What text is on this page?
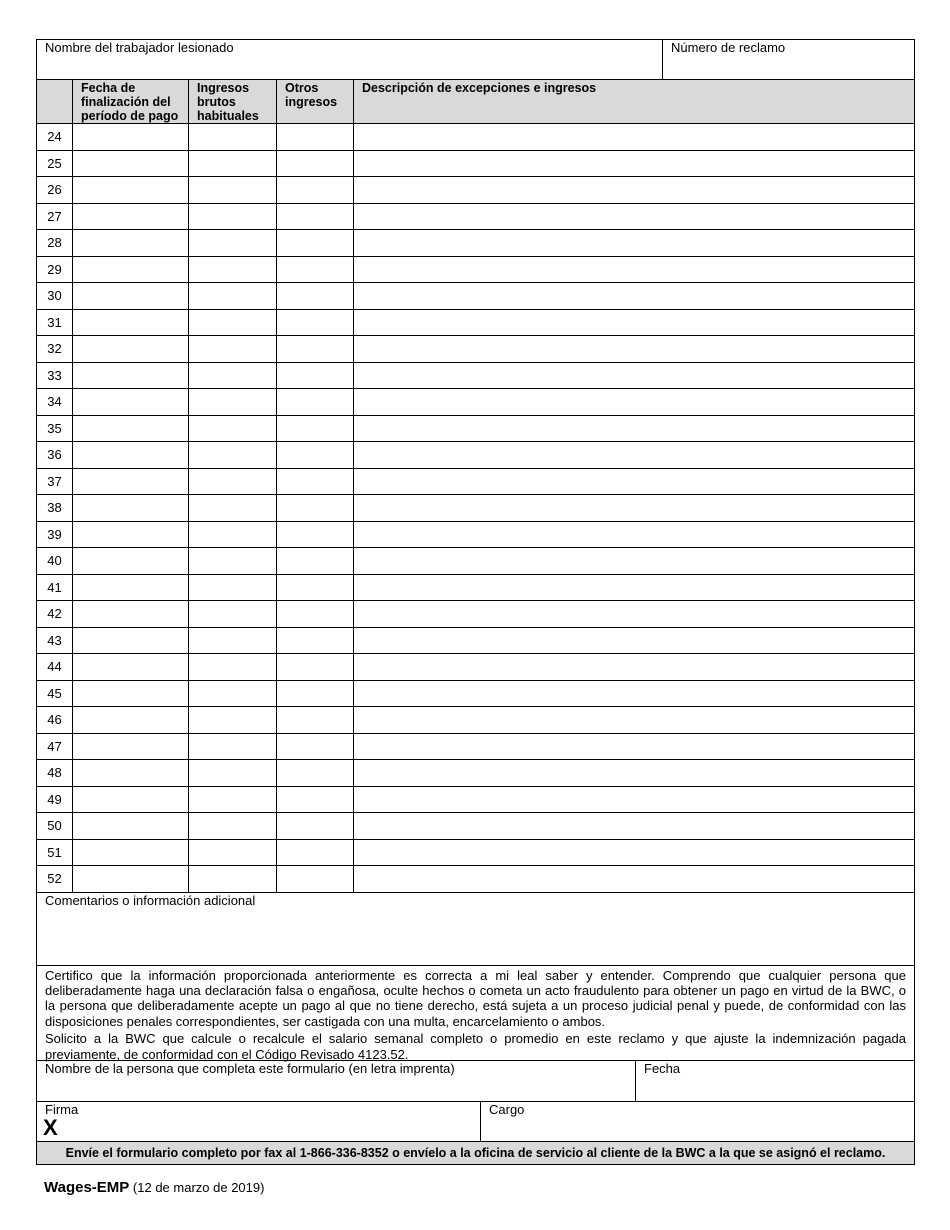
Nombre del trabajador lesionado	Número de reclamo
	Fecha de finalización del período de pago	Ingresos brutos habituales	Otros ingresos	Descripción de excepciones e ingresos
24				
25				
26				
27				
28				
29				
30				
31				
32				
33				
34				
35				
36				
37				
38				
39				
40				
41				
42				
43				
44				
45				
46				
47				
48				
49				
50				
51				
52				
Comentarios o información adicional

Certifico que la información proporcionada anteriormente es correcta a mi leal saber y entender. Comprendo que cualquier persona que deliberadamente haga una declaración falsa o engañosa, oculte hechos o cometa un acto fraudulento para obtener un pago en virtud de la BWC, o la persona que deliberadamente acepte un pago al que no tiene derecho, está sujeta a un proceso judicial penal y puede, de conformidad con las disposiciones penales correspondientes, ser castigada con una multa, encarcelamiento o ambos.

Solicito a la BWC que calcule o recalcule el salario semanal completo o promedio en este reclamo y que ajuste la indemnización pagada previamente, de conformidad con el Código Revisado 4123.52.

Nombre de la persona que completa este formulario (en letra imprenta)	Fecha
Firma
X
Cargo
Envíe el formulario completo por fax al 1-866-336-8352 o envíelo a la oficina de servicio al cliente de la BWC a la que se asignó el reclamo.
Wages-EMP (12 de marzo de 2019)
